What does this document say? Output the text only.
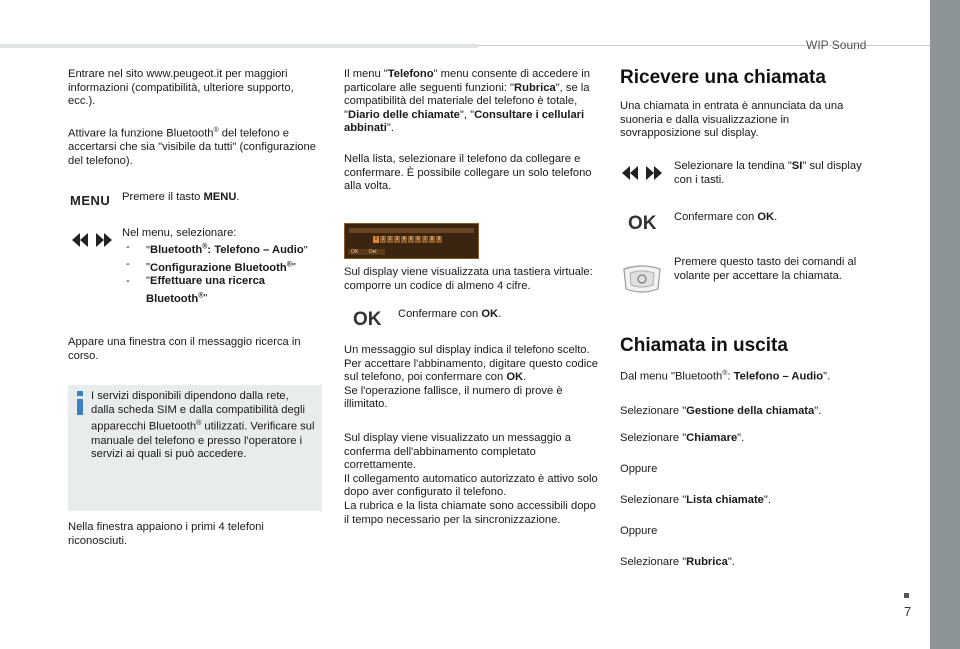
WIP Sound
Entrare nel sito www.peugeot.it per maggiori informazioni (compatibilità, ulteriore supporto, ecc.).
Attivare la funzione Bluetooth® del telefono e accertarsi che sia "visibile da tutti" (configurazione del telefono).
MENU Premere il tasto MENU.
Nel menu, selezionare:
- "Bluetooth®: Telefono – Audio"
- "Configurazione Bluetooth®"
- "Effettuare una ricerca Bluetooth®"
Appare una finestra con il messaggio ricerca in corso.
I servizi disponibili dipendono dalla rete, dalla scheda SIM e dalla compatibilità degli apparecchi Bluetooth® utilizzati. Verificare sul manuale del telefono e presso l'operatore i servizi ai quali si può accedere.
Nella finestra appaiono i primi 4 telefoni riconosciuti.
Il menu "Telefono" menu consente di accedere in particolare alle seguenti funzioni: "Rubrica", se la compatibilità del materiale del telefono è totale, "Diario delle chiamate", "Consultare i cellulari abbinati".
Nella lista, selezionare il telefono da collegare e confermare. È possibile collegare un solo telefono alla volta.
0 1 2 3 4 5 6 7 8 9
OK	Del
Sul display viene visualizzata una tastiera virtuale: comporre un codice di almeno 4 cifre.
OK Confermare con OK.
Un messaggio sul display indica il telefono scelto. Per accettare l'abbinamento, digitare questo codice sul telefono, poi confermare con OK.
Se l'operazione fallisce, il numero di prove è illimitato.
Sul display viene visualizzato un messaggio a conferma dell'abbinamento completato correttamente.
Il collegamento automatico autorizzato è attivo solo dopo aver configurato il telefono.
La rubrica e la lista chiamate sono accessibili dopo il tempo necessario per la sincronizzazione.
Ricevere una chiamata
Una chiamata in entrata è annunciata da una suoneria e dalla visualizzazione in sovrapposizione sul display.
Selezionare la tendina "SI" sul display con i tasti.
OK Confermare con OK.
Premere questo tasto dei comandi al volante per accettare la chiamata.
Chiamata in uscita
Dal menu "Bluetooth®: Telefono – Audio".
Selezionare "Gestione della chiamata".
Selezionare "Chiamare".
Oppure
Selezionare "Lista chiamate".
Oppure
Selezionare "Rubrica".
7
